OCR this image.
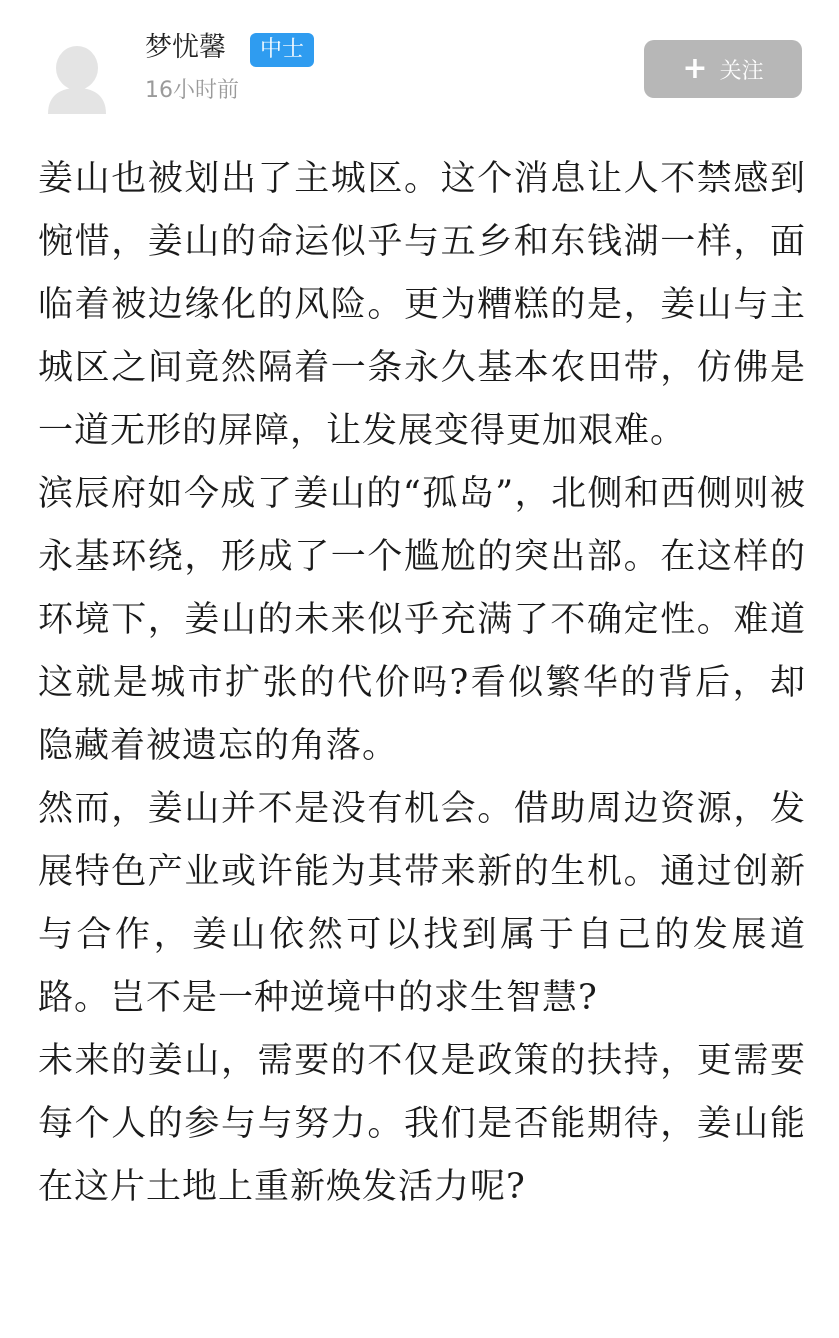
梦忧馨	中士
16小时前
+ 关注

姜山也被划出了主城区。这个消息让人不禁感到惋惜，姜山的命运似乎与五乡和东钱湖一样，面临着被边缘化的风险。更为糟糕的是，姜山与主城区之间竟然隔着一条永久基本农田带，仿佛是一道无形的屏障，让发展变得更加艰难。

滨辰府如今成了姜山的“孤岛”，北侧和西侧则被永基环绕，形成了一个尴尬的突出部。在这样的环境下，姜山的未来似乎充满了不确定性。难道这就是城市扩张的代价吗?看似繁华的背后，却隐藏着被遗忘的角落。

然而，姜山并不是没有机会。借助周边资源，发展特色产业或许能为其带来新的生机。通过创新与合作，姜山依然可以找到属于自己的发展道路。岂不是一种逆境中的求生智慧?

未来的姜山，需要的不仅是政策的扶持，更需要每个人的参与与努力。我们是否能期待，姜山能在这片土地上重新焕发活力呢?
